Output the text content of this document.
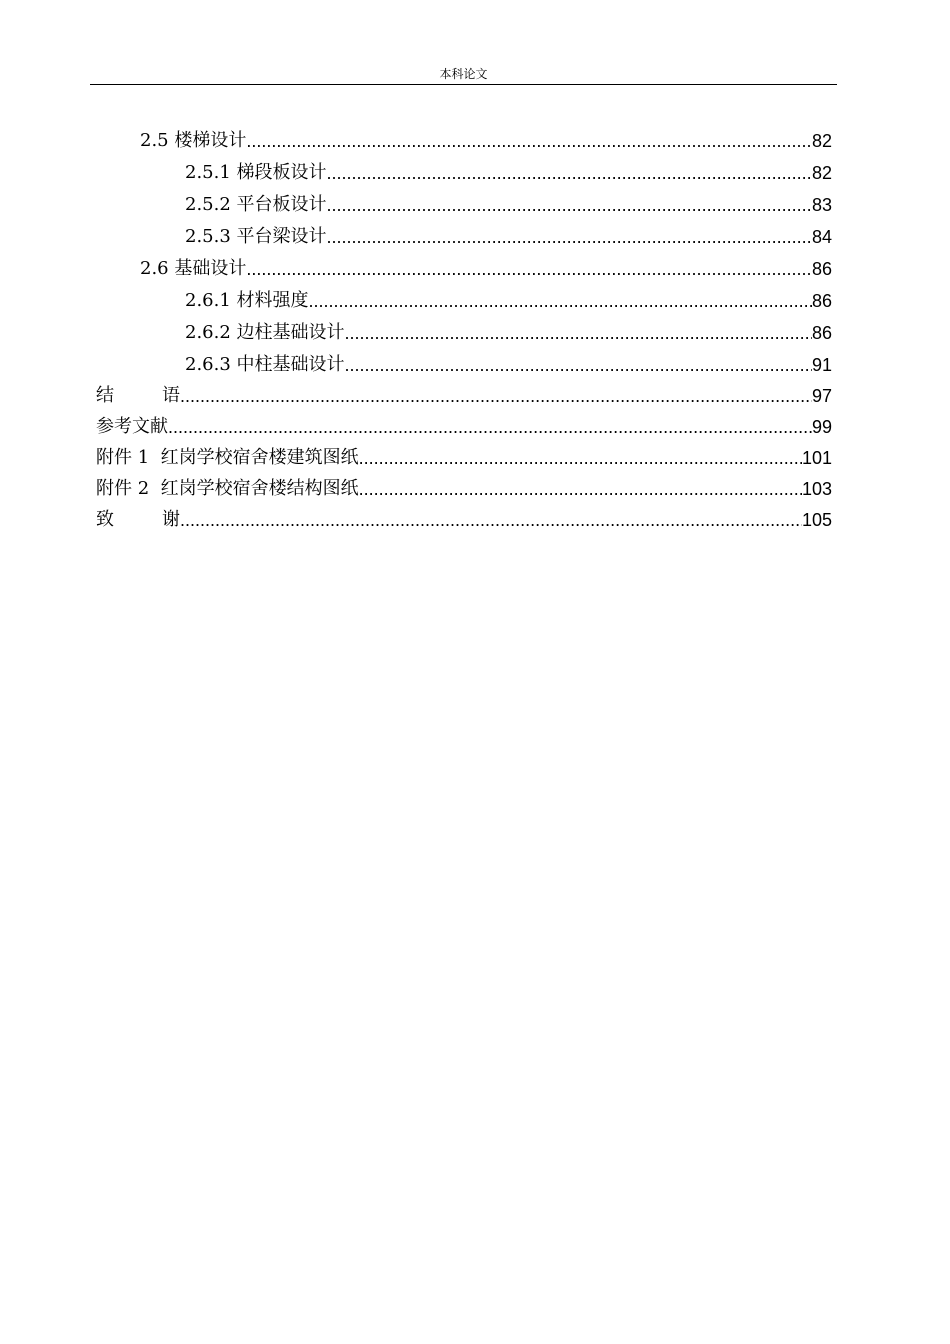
本科论文
2.5 楼梯设计 .....	82
2.5.1 梯段板设计 .....	82
2.5.2 平台板设计 .....	83
2.5.3 平台梁设计 .....	84
2.6 基础设计 .....	86
2.6.1 材料强度 .....	86
2.6.2 边柱基础设计 .....	86
2.6.3 中柱基础设计 .....	91
结	语 .....	97
参考文献 .....	99
附件 1  红岗学校宿舍楼建筑图纸 .....	101
附件 2  红岗学校宿舍楼结构图纸 .....	103
致	谢 .....	105
